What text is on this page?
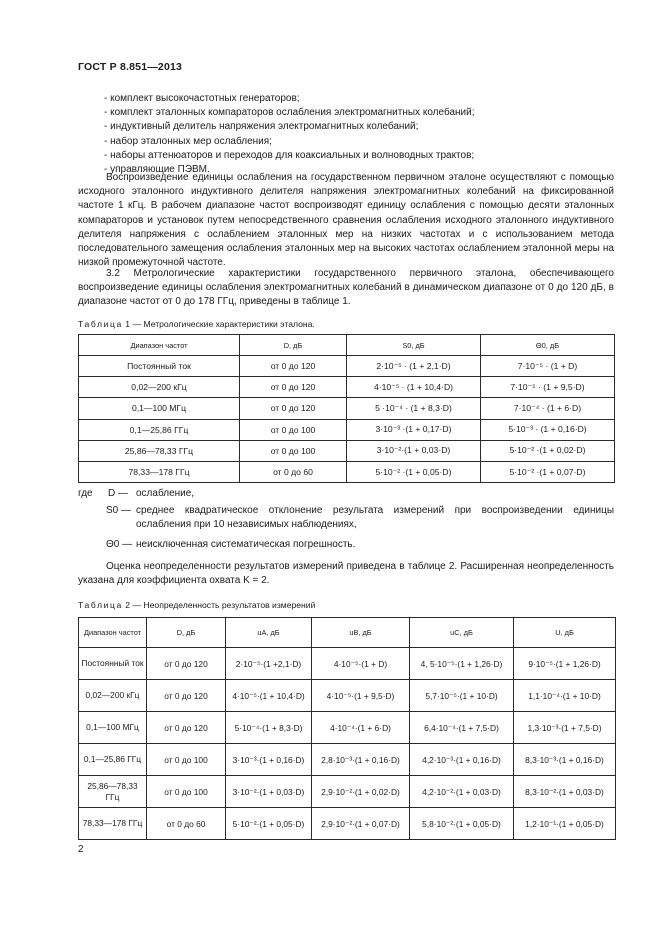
ГОСТ Р 8.851—2013
- комплект высокочастотных генераторов;
- комплект эталонных компараторов ослабления электромагнитных колебаний;
- индуктивный делитель напряжения электромагнитных колебаний;
- набор эталонных мер ослабления;
- наборы аттенюаторов и переходов для коаксиальных и волноводных трактов;
- управляющие ПЭВМ.
Воспроизведение единицы ослабления на государственном первичном эталоне осуществляют с помощью исходного эталонного индуктивного делителя напряжения электромагнитных колебаний на фиксированной частоте 1 кГц. В рабочем диапазоне частот воспроизводят единицу ослабления с помощью десяти эталонных компараторов и установок путем непосредственного сравнения ослабления исходного эталонного индуктивного делителя напряжения с ослаблением эталонных мер на низких частотах и с использованием метода последовательного замещения ослабления эталонных мер на высоких частотах ослаблением эталонной меры на низкой промежуточной частоте.
3.2 Метрологические характеристики государственного первичного эталона, обеспечивающего воспроизведение единицы ослабления электромагнитных колебаний в динамическом диапазоне от 0 до 120 дБ, в диапазоне частот от 0 до 178 ГГц, приведены в таблице 1.
Таблица 1 — Метрологические характеристики эталона.
Диапазон частот	D, дБ	S0, дБ	Θ0, дБ
Постоянный ток	от 0 до 120	2·10⁻⁵ · (1 + 2,1·D)	7·10⁻⁵ · (1 + D)
0,02—200 кГц	от 0 до 120	4·10⁻⁵ · (1 + 10,4·D)	7·10⁻⁵ · (1 + 9,5·D)
0,1—100 МГц	от 0 до 120	5 ·10⁻⁴ · (1 + 8,3·D)	7·10⁻⁴ · (1 + 6·D)
0,1—25,86 ГГц	от 0 до 100	3·10⁻³ ·(1 + 0,17·D)	5·10⁻³ · (1 + 0,16·D)
25,86—78,33 ГГц	от 0 до 100	3·10⁻²·(1 + 0,03·D)	5·10⁻² ·(1 + 0,02·D)
78,33—178 ГГц	от 0 до 60	5·10⁻² ·(1 + 0,05·D)	5·10⁻² ·(1 + 0,07·D)
где D — ослабление,
S0 — среднее квадратическое отклонение результата измерений при воспроизведении единицы ослабления при 10 независимых наблюдениях,
Θ0 — неисключенная систематическая погрешность.
Оценка неопределенности результатов измерений приведена в таблице 2. Расширенная неопределенность указана для коэффициента охвата K = 2.
Таблица 2 — Неопределенность результатов измерений
Диапазон частот	D, дБ	uA, дБ	uB, дБ	uC, дБ	U, дБ
Постоянный ток	от 0 до 120	2·10⁻⁵·(1 +2,1·D)	4·10⁻⁵·(1 + D)	4, 5·10⁻⁵·(1 + 1,26·D)	9·10⁻⁵·(1 + 1,26·D)
0,02—200 кГц	от 0 до 120	4·10⁻⁵·(1 + 10,4·D)	4·10⁻⁵·(1 + 9,5·D)	5,7·10⁻⁵·(1 + 10·D)	1,1·10⁻⁴·(1 + 10·D)
0,1—100 МГц	от 0 до 120	5·10⁻⁴·(1 + 8,3·D)	4·10⁻⁴·(1 + 6·D)	6,4·10⁻⁴·(1 + 7,5·D)	1,3·10⁻³·(1 + 7,5·D)
0,1—25,86 ГГц	от 0 до 100	3·10⁻³·(1 + 0,16·D)	2,8·10⁻³·(1 + 0,16·D)	4,2·10⁻³·(1 + 0,16·D)	8,3·10⁻³·(1 + 0,16·D)
25,86—78,33 ГГц	от 0 до 100	3·10⁻²·(1 + 0,03·D)	2,9·10⁻²·(1 + 0,02·D)	4,2·10⁻²·(1 + 0,03·D)	8,3·10⁻²·(1 + 0,03·D)
78,33—178 ГГц	от 0 до 60	5·10⁻²·(1 + 0,05·D)	2,9·10⁻²·(1 + 0,07·D)	5,8·10⁻²·(1 + 0,05·D)	1,2·10⁻¹·(1 + 0,05·D)
2
